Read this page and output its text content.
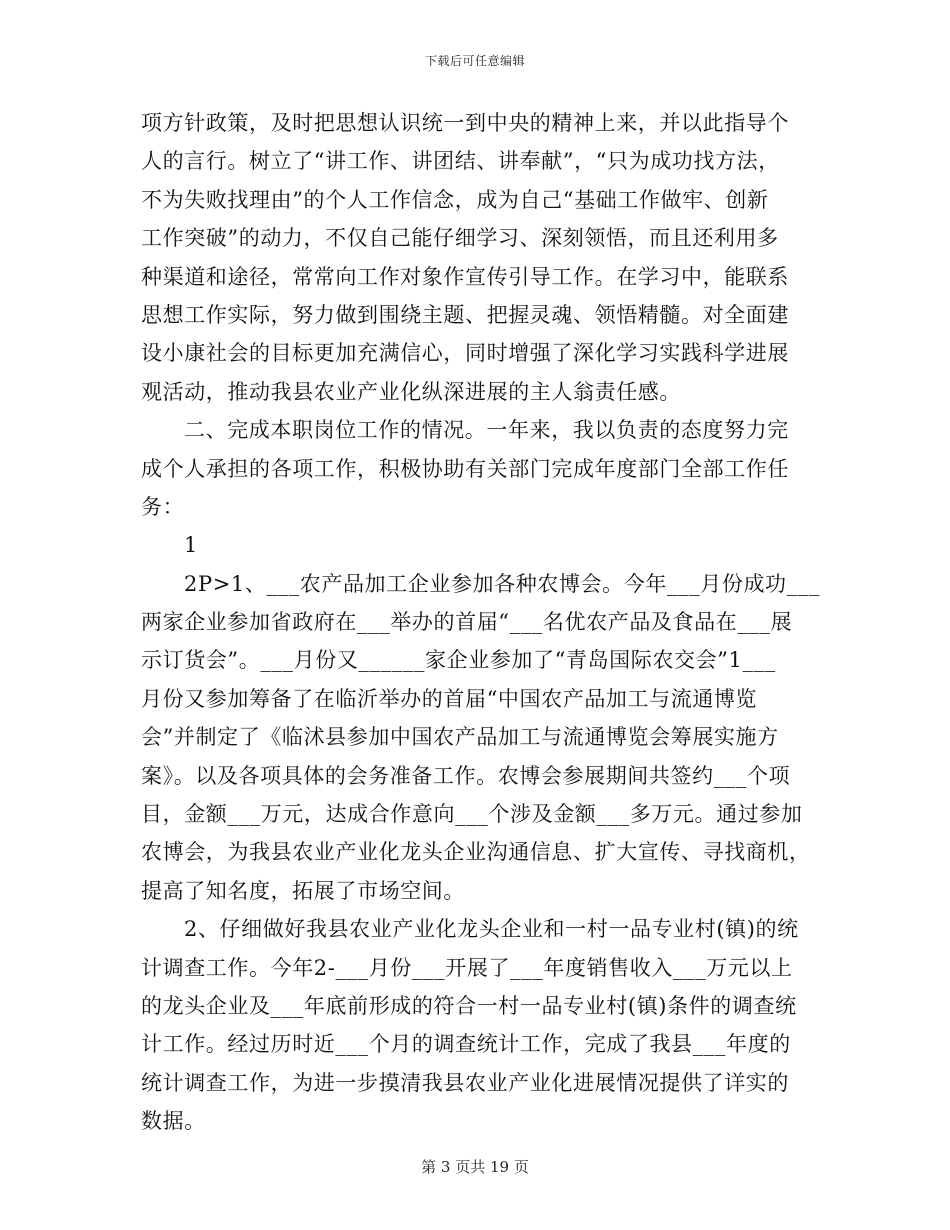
下载后可任意编辑
项方针政策，及时把思想认识统一到中央的精神上来，并以此指导个
人的言行。树立了“讲工作、讲团结、讲奉献”，“只为成功找方法，
不为失败找理由”的个人工作信念，成为自己“基础工作做牢、创新
工作突破”的动力，不仅自己能仔细学习、深刻领悟，而且还利用多
种渠道和途径，常常向工作对象作宣传引导工作。在学习中，能联系
思想工作实际，努力做到围绕主题、把握灵魂、领悟精髓。对全面建
设小康社会的目标更加充满信心，同时增强了深化学习实践科学进展
观活动，推动我县农业产业化纵深进展的主人翁责任感。
二、完成本职岗位工作的情况。一年来，我以负责的态度努力完
成个人承担的各项工作，积极协助有关部门完成年度部门全部工作任
务：
1
2P>1、___农产品加工企业参加各种农博会。今年___月份成功___
两家企业参加省政府在___举办的首届“___名优农产品及食品在___展
示订货会”。___月份又______家企业参加了“青岛国际农交会”1___
月份又参加筹备了在临沂举办的首届“中国农产品加工与流通博览
会”并制定了《临沭县参加中国农产品加工与流通博览会筹展实施方
案》。以及各项具体的会务准备工作。农博会参展期间共签约___个项
目，金额___万元，达成合作意向___个涉及金额___多万元。通过参加
农博会，为我县农业产业化龙头企业沟通信息、扩大宣传、寻找商机，
提高了知名度，拓展了市场空间。
2、仔细做好我县农业产业化龙头企业和一村一品专业村(镇)的统
计调查工作。今年2-___月份___开展了___年度销售收入___万元以上
的龙头企业及___年底前形成的符合一村一品专业村(镇)条件的调查统
计工作。经过历时近___个月的调查统计工作，完成了我县___年度的
统计调查工作，为进一步摸清我县农业产业化进展情况提供了详实的
数据。
第 3 页共 19 页
